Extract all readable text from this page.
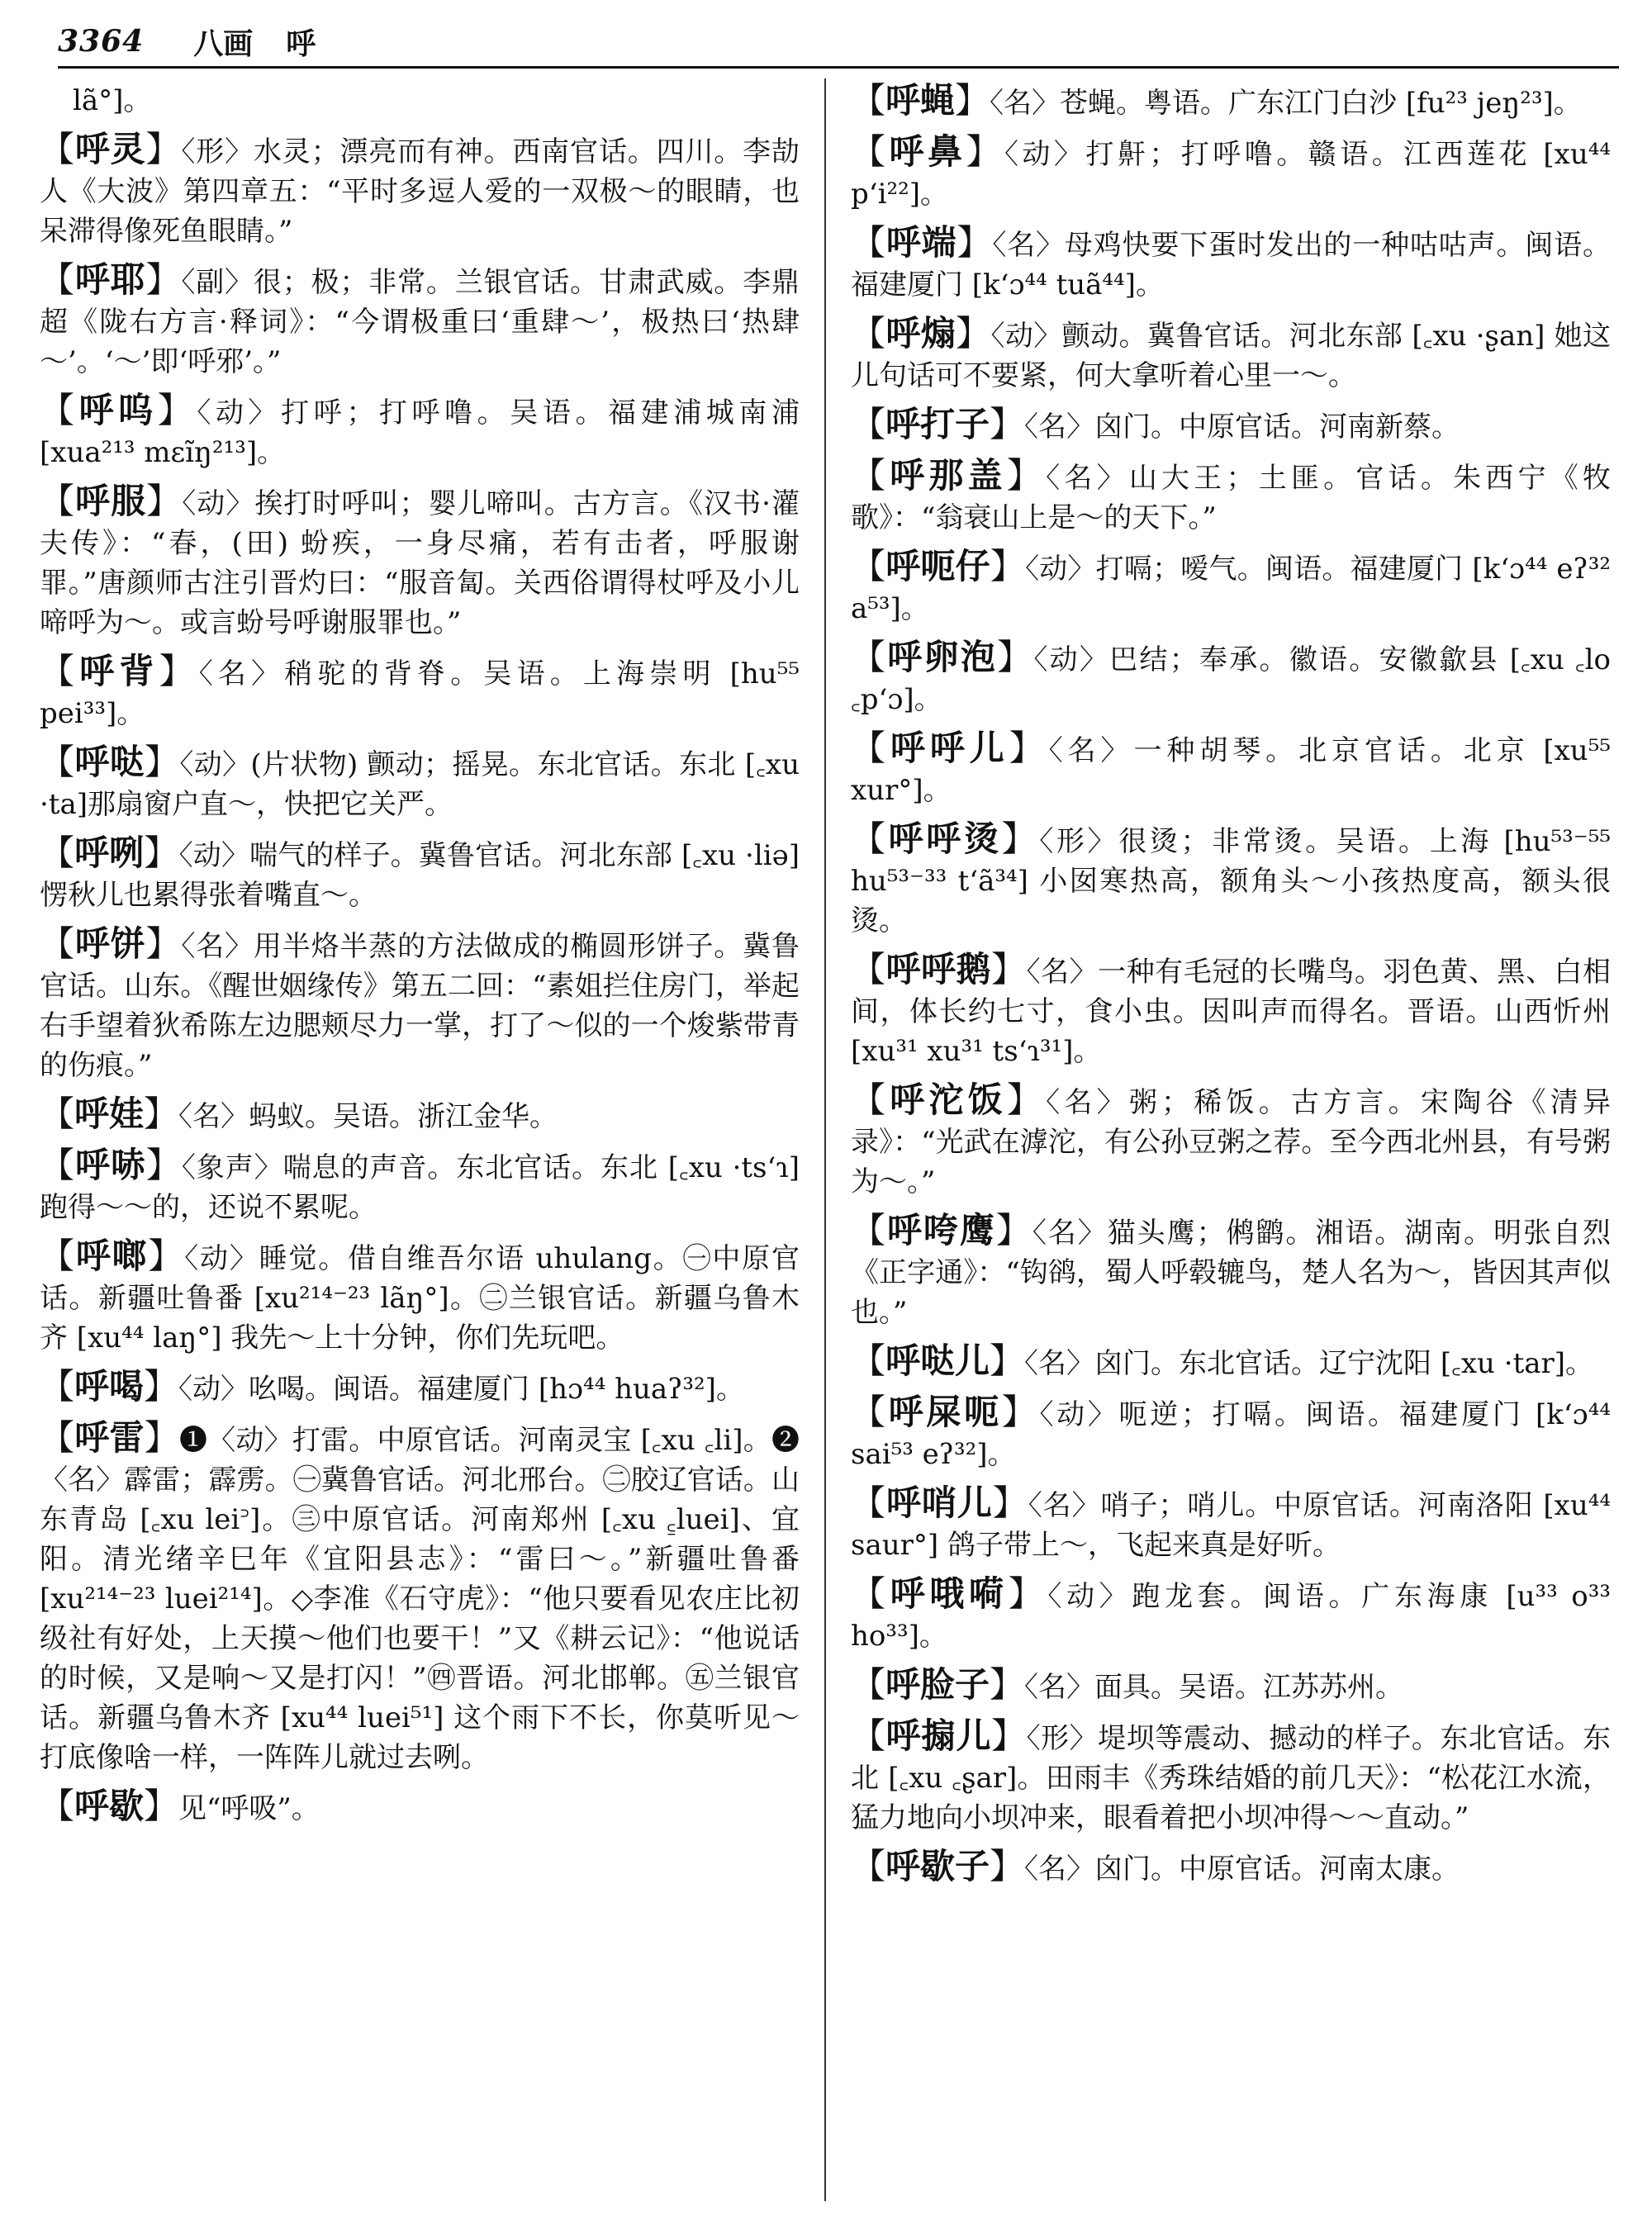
3364 八画 呼
lã°]。

【呼灵】〈形〉水灵；漂亮而有神。西南官话。四川。李劼人《大波》第四章五：“平时多逗人爱的一双极～的眼睛，也呆滞得像死鱼眼睛。”

【呼耶】〈副〉很；极；非常。兰银官话。甘肃武威。李鼎超《陇右方言·释词》：“今谓极重曰‘重肆～’，极热曰‘热肆～’。‘～’即‘呼邪’。”

【呼呜】〈动〉打呼；打呼噜。吴语。福建浦城南浦 [xua²¹³ mɛĩŋ²¹³]。

【呼服】〈动〉挨打时呼叫；婴儿啼叫。古方言。《汉书·灌夫传》：“春，(田) 蚡疾，一身尽痛，若有击者，呼服谢罪。”唐颜师古注引晋灼曰：“服音匐。关西俗谓得杖呼及小儿啼呼为～。或言蚡号呼谢服罪也。”

【呼背】〈名〉稍驼的背脊。吴语。上海崇明 [hu⁵⁵ pei³³]。

【呼哒】〈动〉(片状物) 颤动；摇晃。东北官话。东北 [꜀xu ·ta]那扇窗户直～，快把它关严。

【呼咧】〈动〉喘气的样子。冀鲁官话。河北东部 [꜀xu ·liə] 愣秋儿也累得张着嘴直～。

【呼饼】〈名〉用半烙半蒸的方法做成的椭圆形饼子。冀鲁官话。山东。《醒世姻缘传》第五二回：“素姐拦住房门，举起右手望着狄希陈左边腮颊尽力一掌，打了～似的一个焌紫带青的伤痕。”

【呼娃】〈名〉蚂蚁。吴语。浙江金华。

【呼哧】〈象声〉喘息的声音。东北官话。东北 [꜀xu ·tsʻɿ]跑得～～的，还说不累呢。

【呼啷】〈动〉睡觉。借自维吾尔语 uhulang。㊀中原官话。新疆吐鲁番 [xu²¹⁴⁻²³ lãŋ°]。㊁兰银官话。新疆乌鲁木齐 [xu⁴⁴ laŋ°] 我先～上十分钟，你们先玩吧。

【呼喝】〈动〉吆喝。闽语。福建厦门 [hɔ⁴⁴ huaʔ³²]。

【呼雷】❶〈动〉打雷。中原官话。河南灵宝 [꜀xu ꜀li]。❷〈名〉霹雷；霹雳。㊀冀鲁官话。河北邢台。㊁胶辽官话。山东青岛 [꜀xu lei꜄]。㊂中原官话。河南郑州 [꜀xu ꜁luei]、宜阳。清光绪辛巳年《宜阳县志》：“雷曰～。”新疆吐鲁番 [xu²¹⁴⁻²³ luei²¹⁴]。◇李准《石守虎》：“他只要看见农庄比初级社有好处，上天摸～他们也要干！”又《耕云记》：“他说话的时候，又是响～又是打闪！”㊃晋语。河北邯郸。㊄兰银官话。新疆乌鲁木齐 [xu⁴⁴ luei⁵¹] 这个雨下不长，你莫听见～打底像啥一样，一阵阵儿就过去咧。

【呼歇】见“呼吸”。

【呼蝇】〈名〉苍蝇。粤语。广东江门白沙 [fu²³ jeŋ²³]。

【呼鼻】〈动〉打鼾；打呼噜。赣语。江西莲花 [xu⁴⁴ pʻi²²]。

【呼端】〈名〉母鸡快要下蛋时发出的一种咕咕声。闽语。福建厦门 [kʻɔ⁴⁴ tuã⁴⁴]。

【呼煽】〈动〉颤动。冀鲁官话。河北东部 [꜀xu ·ʂan] 她这儿句话可不要紧，何大拿听着心里一～。

【呼打子】〈名〉囟门。中原官话。河南新蔡。

【呼那盖】〈名〉山大王；土匪。官话。朱西宁《牧歌》：“翁衰山上是～的天下。”

【呼呃仔】〈动〉打嗝；嗳气。闽语。福建厦门 [kʻɔ⁴⁴ eʔ³² a⁵³]。

【呼卵泡】〈动〉巴结；奉承。徽语。安徽歙县 [꜀xu ꜀lo ꜀pʻɔ]。

【呼呼儿】〈名〉一种胡琴。北京官话。北京 [xu⁵⁵ xur°]。

【呼呼烫】〈形〉很烫；非常烫。吴语。上海 [hu⁵³⁻⁵⁵ hu⁵³⁻³³ tʻã³⁴] 小囡寒热高，额角头～小孩热度高，额头很烫。

【呼呼鹅】〈名〉一种有毛冠的长嘴鸟。羽色黄、黑、白相间，体长约七寸，食小虫。因叫声而得名。晋语。山西忻州 [xu³¹ xu³¹ tsʻɿ³¹]。

【呼沱饭】〈名〉粥；稀饭。古方言。宋陶谷《清异录》：“光武在滹沱，有公孙豆粥之荐。至今西北州县，有号粥为～。”

【呼咵鹰】〈名〉猫头鹰；鸺鹠。湘语。湖南。明张自烈《正字通》：“钩鹆，蜀人呼毂辘鸟，楚人名为～，皆因其声似也。”

【呼哒儿】〈名〉囟门。东北官话。辽宁沈阳 [꜀xu ·tar]。

【呼屎呃】〈动〉呃逆；打嗝。闽语。福建厦门 [kʻɔ⁴⁴ sai⁵³ eʔ³²]。

【呼哨儿】〈名〉哨子；哨儿。中原官话。河南洛阳 [xu⁴⁴ saur°] 鸽子带上～，飞起来真是好听。

【呼哦嗬】〈动〉跑龙套。闽语。广东海康 [u³³ o³³ ho³³]。

【呼脸子】〈名〉面具。吴语。江苏苏州。

【呼搧儿】〈形〉堤坝等震动、撼动的样子。东北官话。东北 [꜀xu ꜀ʂar]。田雨丰《秀珠结婚的前几天》：“松花江水流，猛力地向小坝冲来，眼看着把小坝冲得～～直动。”

【呼歇子】〈名〉囟门。中原官话。河南太康。
